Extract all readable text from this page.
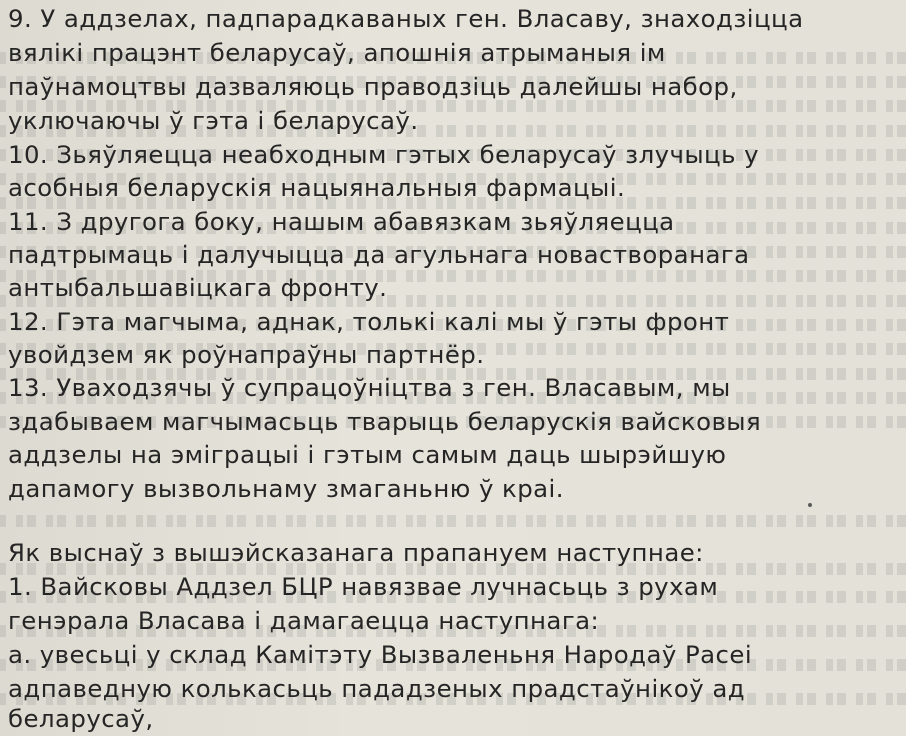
9. У аддзелах, падпарадкаваных ген. Власаву, знаходзіцца
вялікі працэнт беларусаў, апошнія атрыманыя ім
паўнамоцтвы дазваляюць праводзіць далейшы набор,
уключаючы ў гэта і беларусаў.
10. Зьяўляецца неабходным гэтых беларусаў злучыць у
асобныя беларускія нацыянальныя фармацыі.
11. З другога боку, нашым абавязкам зьяўляецца
падтрымаць і далучыцца да агульнага новастворанага
антыбальшавіцкага фронту.
12. Гэта магчыма, аднак, толькі калі мы ў гэты фронт
увойдзем як роўнапраўны партнёр.
13. Уваходзячы ў супрацоўніцтва з ген. Власавым, мы
здабываем магчымасьць тварыць беларускія вайсковыя
аддзелы на эміграцыі і гэтым самым даць шырэйшую
дапамогу вызвольнаму змаганьню ў краі.
Як выснаў з вышэйсказанага прапануем наступнае:
1. Вайсковы Аддзел БЦР навязвае лучнасьць з рухам
генэрала Власава і дамагаецца наступнага:
а. увесьці у склад Камітэту Вызваленьня Народаў Расеі
адпаведную колькасьць пададзеных прадстаўнікоў ад
беларусаў,
